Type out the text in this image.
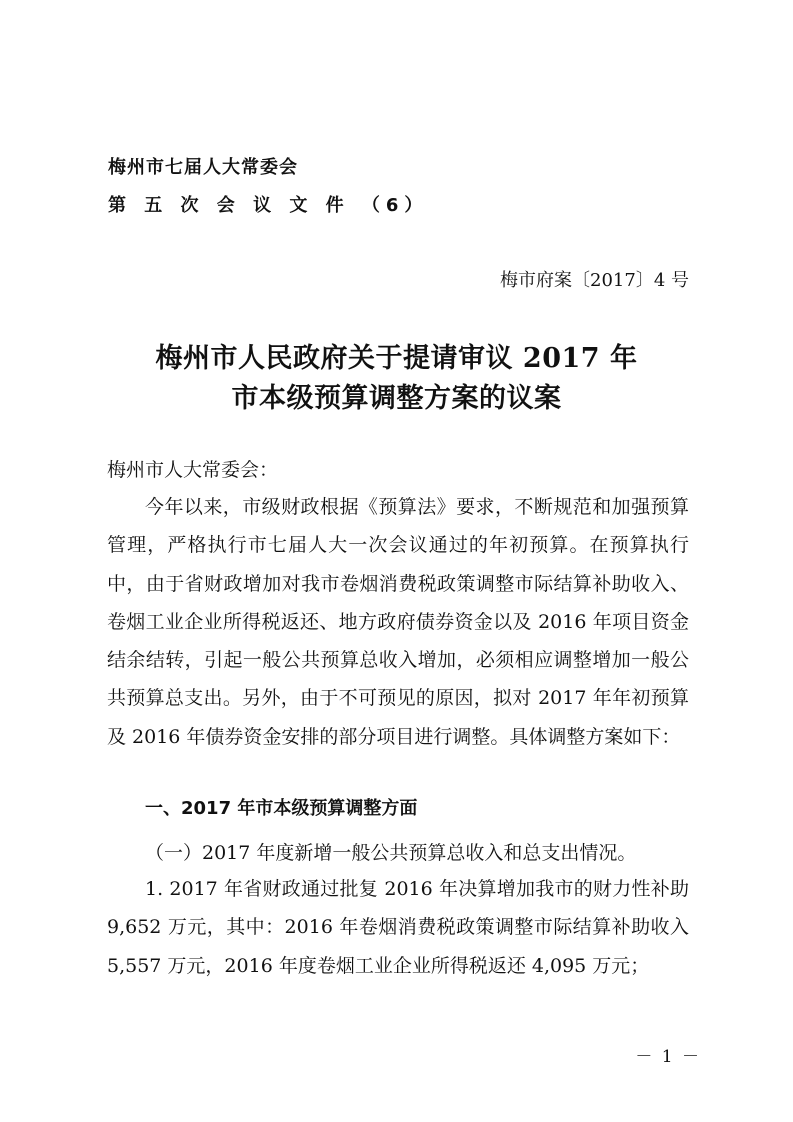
梅州市七届人大常委会
第 五 次 会 议 文 件 （6）
梅市府案〔2017〕4 号
梅州市人民政府关于提请审议 2017 年
市本级预算调整方案的议案
梅州市人大常委会：
今年以来，市级财政根据《预算法》要求，不断规范和加强预算管理，严格执行市七届人大一次会议通过的年初预算。在预算执行中，由于省财政增加对我市卷烟消费税政策调整市际结算补助收入、卷烟工业企业所得税返还、地方政府债券资金以及 2016 年项目资金结余结转，引起一般公共预算总收入增加，必须相应调整增加一般公共预算总支出。另外，由于不可预见的原因，拟对 2017 年年初预算及 2016 年债券资金安排的部分项目进行调整。具体调整方案如下：
一、2017 年市本级预算调整方面
（一）2017 年度新增一般公共预算总收入和总支出情况。
1. 2017 年省财政通过批复 2016 年决算增加我市的财力性补助 9,652 万元，其中：2016 年卷烟消费税政策调整市际结算补助收入 5,557 万元，2016 年度卷烟工业企业所得税返还 4,095 万元；
－ 1 －
